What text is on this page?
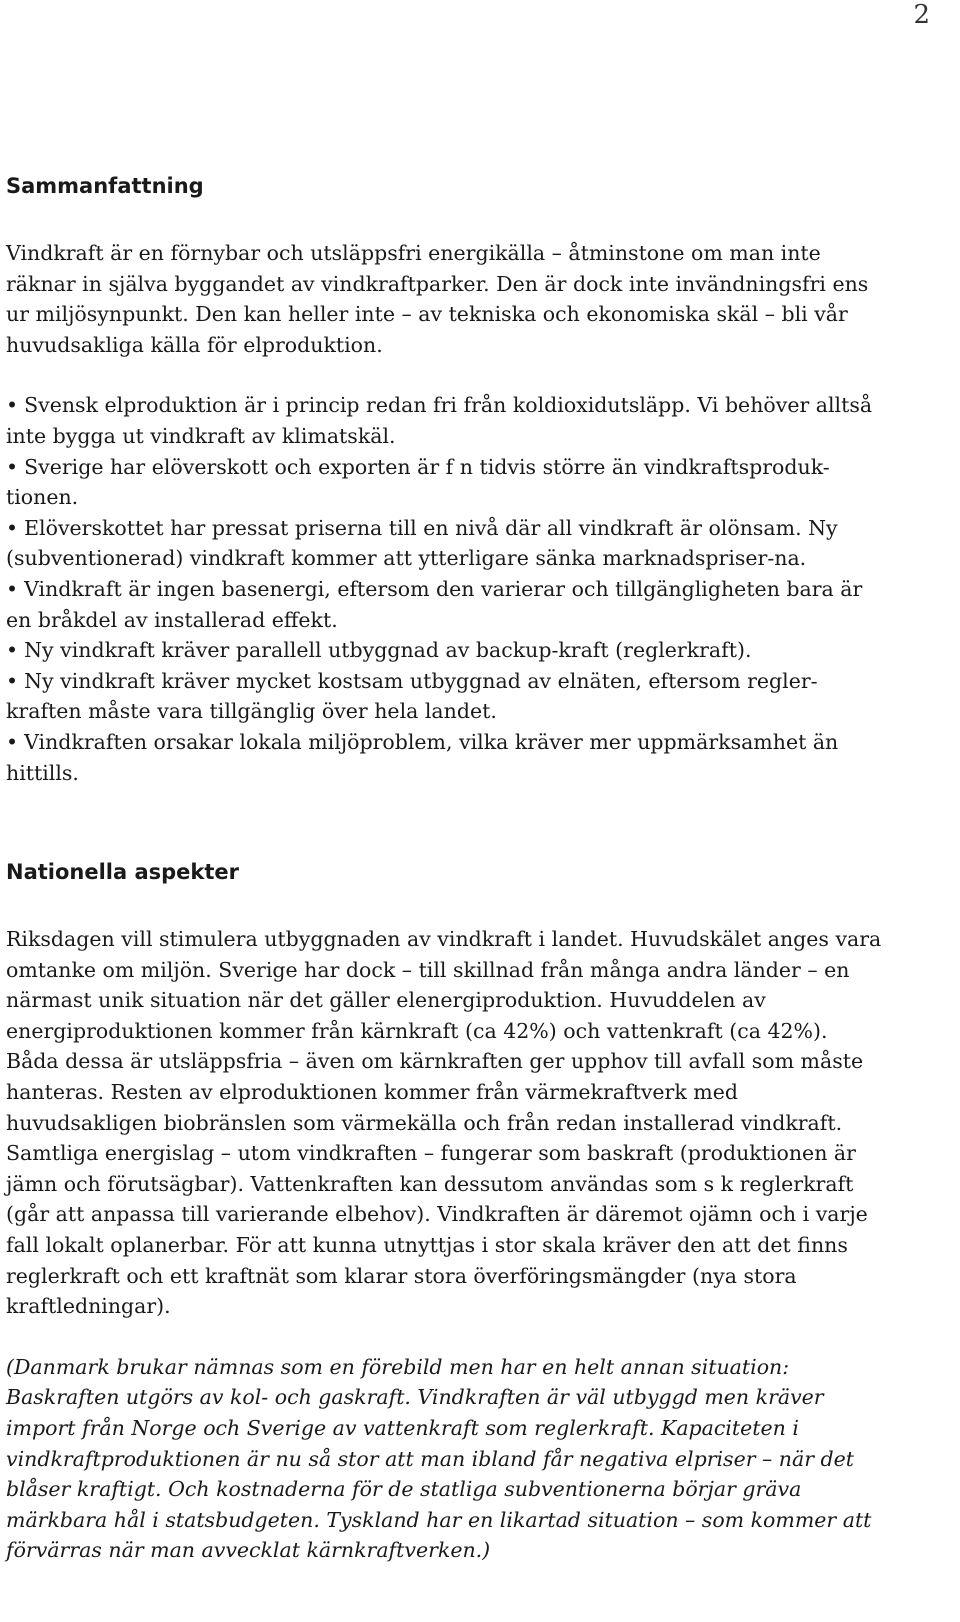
2
Sammanfattning

Vindkraft är en förnybar och utsläppsfri energikälla – åtminstone om man inte räknar in själva byggandet av vindkraftparker. Den är dock inte invändningsfri ens ur miljösynpunkt. Den kan heller inte – av tekniska och ekonomiska skäl – bli vår huvudsakliga källa för elproduktion.

• Svensk elproduktion är i princip redan fri från koldioxidutsläpp. Vi behöver alltså inte bygga ut vindkraft av klimatskäl.
• Sverige har elöverskott och exporten är f n tidvis större än vindkraftsproduk-tionen.
• Elöverskottet har pressat priserna till en nivå där all vindkraft är olönsam. Ny (subventionerad) vindkraft kommer att ytterligare sänka marknadspriser-na.
• Vindkraft är ingen basenergi, eftersom den varierar och tillgängligheten bara är en bråkdel av installerad effekt.
• Ny vindkraft kräver parallell utbyggnad av backup-kraft (reglerkraft).
• Ny vindkraft kräver mycket kostsam utbyggnad av elnäten, eftersom regler-kraften måste vara tillgänglig över hela landet.
• Vindkraften orsakar lokala miljöproblem, vilka kräver mer uppmärksamhet än hittills.
Nationella aspekter

Riksdagen vill stimulera utbyggnaden av vindkraft i landet. Huvudskälet anges vara omtanke om miljön. Sverige har dock – till skillnad från många andra länder – en närmast unik situation när det gäller elenergiproduktion. Huvuddelen av energiproduktionen kommer från kärnkraft (ca 42%) och vattenkraft (ca 42%). Båda dessa är utsläppsfria – även om kärnkraften ger upphov till avfall som måste hanteras. Resten av elproduktionen kommer från värmekraftverk med huvudsakligen biobränslen som värmekälla och från redan installerad vindkraft. Samtliga energislag – utom vindkraften – fungerar som baskraft (produktionen är jämn och förutsägbar). Vattenkraften kan dessutom användas som s k reglerkraft (går att anpassa till varierande elbehov). Vindkraften är däremot ojämn och i varje fall lokalt oplanerbar. För att kunna utnyttjas i stor skala kräver den att det finns reglerkraft och ett kraftnät som klarar stora överföringsmängder (nya stora kraftledningar).

(Danmark brukar nämnas som en förebild men har en helt annan situation: Baskraften utgörs av kol- och gaskraft. Vindkraften är väl utbyggd men kräver import från Norge och Sverige av vattenkraft som reglerkraft. Kapaciteten i vindkraftproduktionen är nu så stor att man ibland får negativa elpriser – när det blåser kraftigt. Och kostnaderna för de statliga subventionerna börjar gräva märkbara hål i statsbudgeten. Tyskland har en likartad situation – som kommer att förvärras när man avvecklat kärnkraftverken.)
